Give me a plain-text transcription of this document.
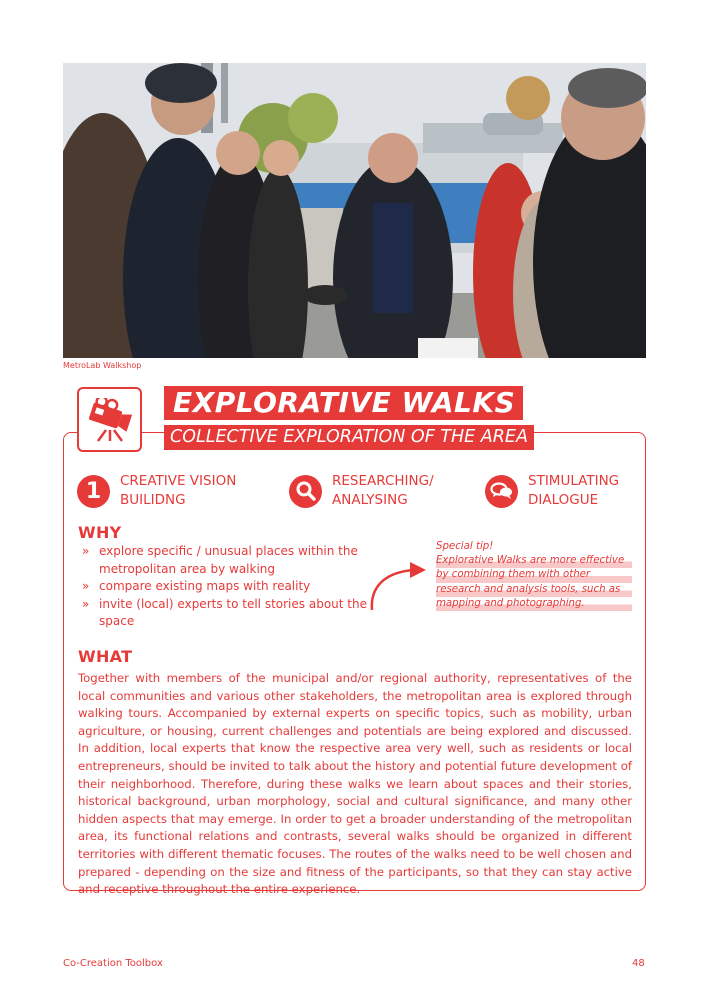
MetroLab Walkshop
EXPLORATIVE WALKS
COLLECTIVE EXPLORATION OF THE AREA
1 CREATIVE VISION
BUILIDNG
RESEARCHING/
ANALYSING
STIMULATING
DIALOGUE
WHY
» explore specific / unusual places within the
metropolitan area by walking
» compare existing maps with reality
» invite (local) experts to tell stories about the
space
Special tip!
Explorative Walks are more effective
by combining them with other
research and analysis tools, such as
mapping and photographing.
WHAT
Together with members of the municipal and/or regional authority, representatives of the local communities and various other stakeholders, the metropolitan area is explored through walking tours. Accompanied by external experts on specific topics, such as mobility, urban agriculture, or housing, current challenges and potentials are being explored and discussed. In addition, local experts that know the respective area very well, such as residents or local entrepreneurs, should be invited to talk about the history and potential future development of their neighborhood. Therefore, during these walks we learn about spaces and their stories, historical background, urban morphology, social and cultural significance, and many other hidden aspects that may emerge. In order to get a broader understanding of the metropolitan area, its functional relations and contrasts, several walks should be organized in different territories with different thematic focuses. The routes of the walks need to be well chosen and prepared - depending on the size and fitness of the participants, so that they can stay active and receptive throughout the entire experience.
Co-Creation Toolbox	48
